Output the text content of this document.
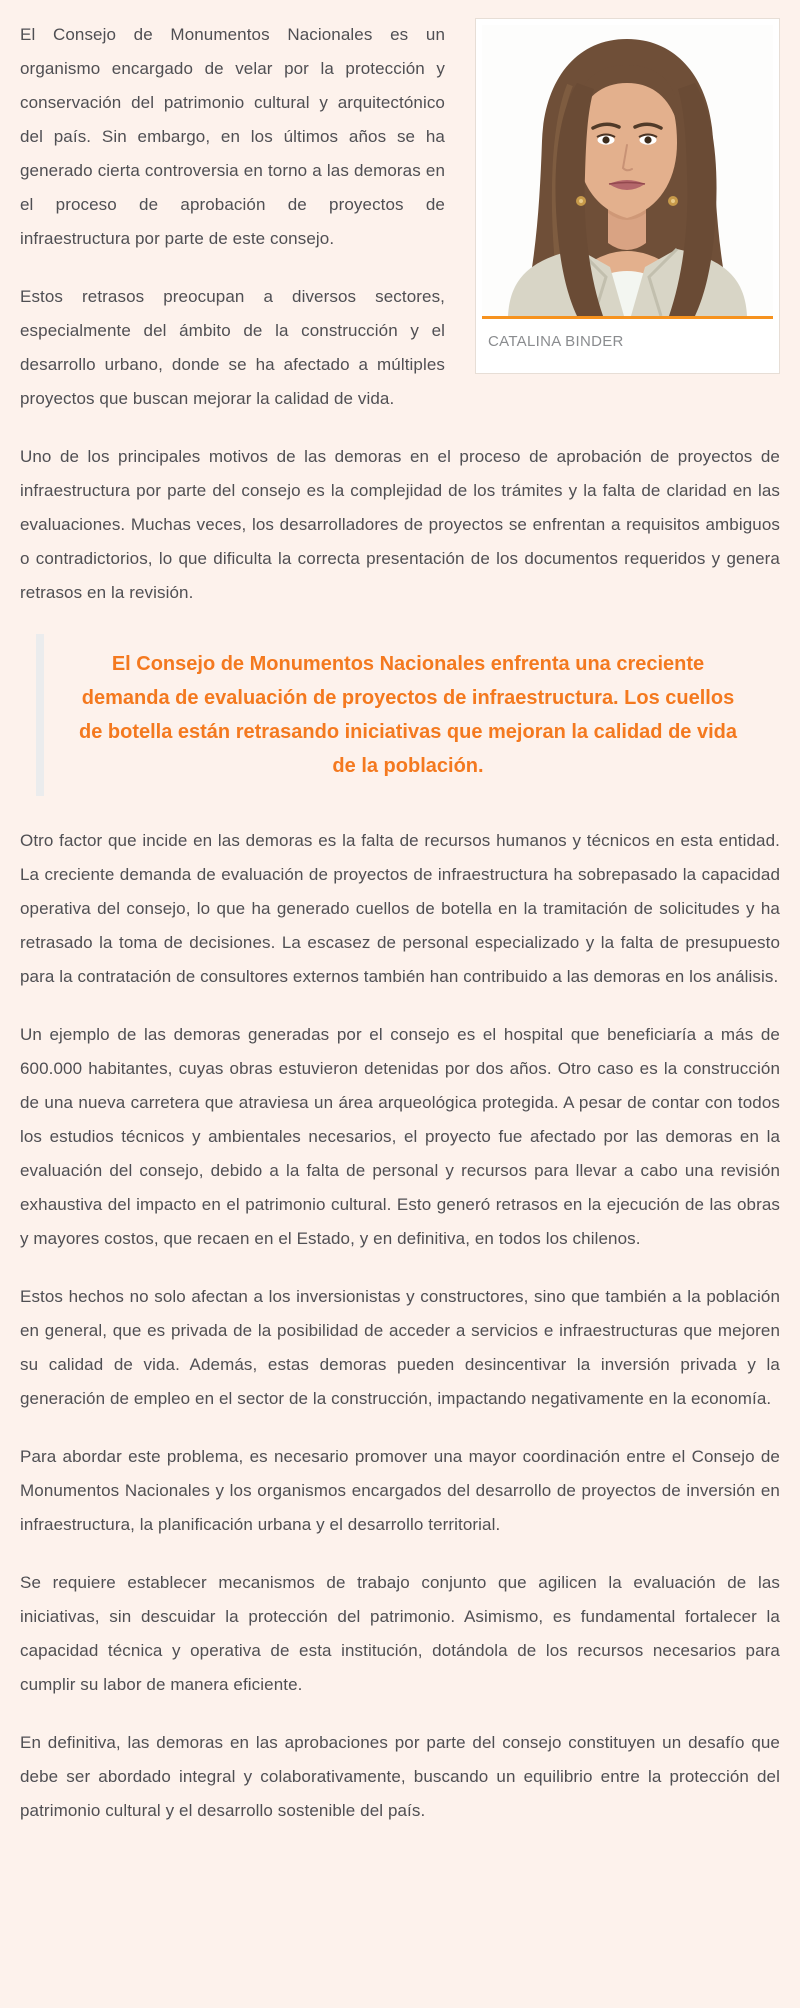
CATALINA BINDER

El Consejo de Monumentos Nacionales es un organismo encargado de velar por la protección y conservación del patrimonio cultural y arquitectónico del país. Sin embargo, en los últimos años se ha generado cierta controversia en torno a las demoras en el proceso de aprobación de proyectos de infraestructura por parte de este consejo.

Estos retrasos preocupan a diversos sectores, especialmente del ámbito de la construcción y el desarrollo urbano, donde se ha afectado a múltiples proyectos que buscan mejorar la calidad de vida.

Uno de los principales motivos de las demoras en el proceso de aprobación de proyectos de infraestructura por parte del consejo es la complejidad de los trámites y la falta de claridad en las evaluaciones. Muchas veces, los desarrolladores de proyectos se enfrentan a requisitos ambiguos o contradictorios, lo que dificulta la correcta presentación de los documentos requeridos y genera retrasos en la revisión.

El Consejo de Monumentos Nacionales enfrenta una creciente demanda de evaluación de proyectos de infraestructura. Los cuellos de botella están retrasando iniciativas que mejoran la calidad de vida de la población.

Otro factor que incide en las demoras es la falta de recursos humanos y técnicos en esta entidad. La creciente demanda de evaluación de proyectos de infraestructura ha sobrepasado la capacidad operativa del consejo, lo que ha generado cuellos de botella en la tramitación de solicitudes y ha retrasado la toma de decisiones. La escasez de personal especializado y la falta de presupuesto para la contratación de consultores externos también han contribuido a las demoras en los análisis.

Un ejemplo de las demoras generadas por el consejo es el hospital que beneficiaría a más de 600.000 habitantes, cuyas obras estuvieron detenidas por dos años. Otro caso es la construcción de una nueva carretera que atraviesa un área arqueológica protegida. A pesar de contar con todos los estudios técnicos y ambientales necesarios, el proyecto fue afectado por las demoras en la evaluación del consejo, debido a la falta de personal y recursos para llevar a cabo una revisión exhaustiva del impacto en el patrimonio cultural. Esto generó retrasos en la ejecución de las obras y mayores costos, que recaen en el Estado, y en definitiva, en todos los chilenos.

Estos hechos no solo afectan a los inversionistas y constructores, sino que también a la población en general, que es privada de la posibilidad de acceder a servicios e infraestructuras que mejoren su calidad de vida. Además, estas demoras pueden desincentivar la inversión privada y la generación de empleo en el sector de la construcción, impactando negativamente en la economía.

Para abordar este problema, es necesario promover una mayor coordinación entre el Consejo de Monumentos Nacionales y los organismos encargados del desarrollo de proyectos de inversión en infraestructura, la planificación urbana y el desarrollo territorial.

Se requiere establecer mecanismos de trabajo conjunto que agilicen la evaluación de las iniciativas, sin descuidar la protección del patrimonio. Asimismo, es fundamental fortalecer la capacidad técnica y operativa de esta institución, dotándola de los recursos necesarios para cumplir su labor de manera eficiente.

En definitiva, las demoras en las aprobaciones por parte del consejo constituyen un desafío que debe ser abordado integral y colaborativamente, buscando un equilibrio entre la protección del patrimonio cultural y el desarrollo sostenible del país.
